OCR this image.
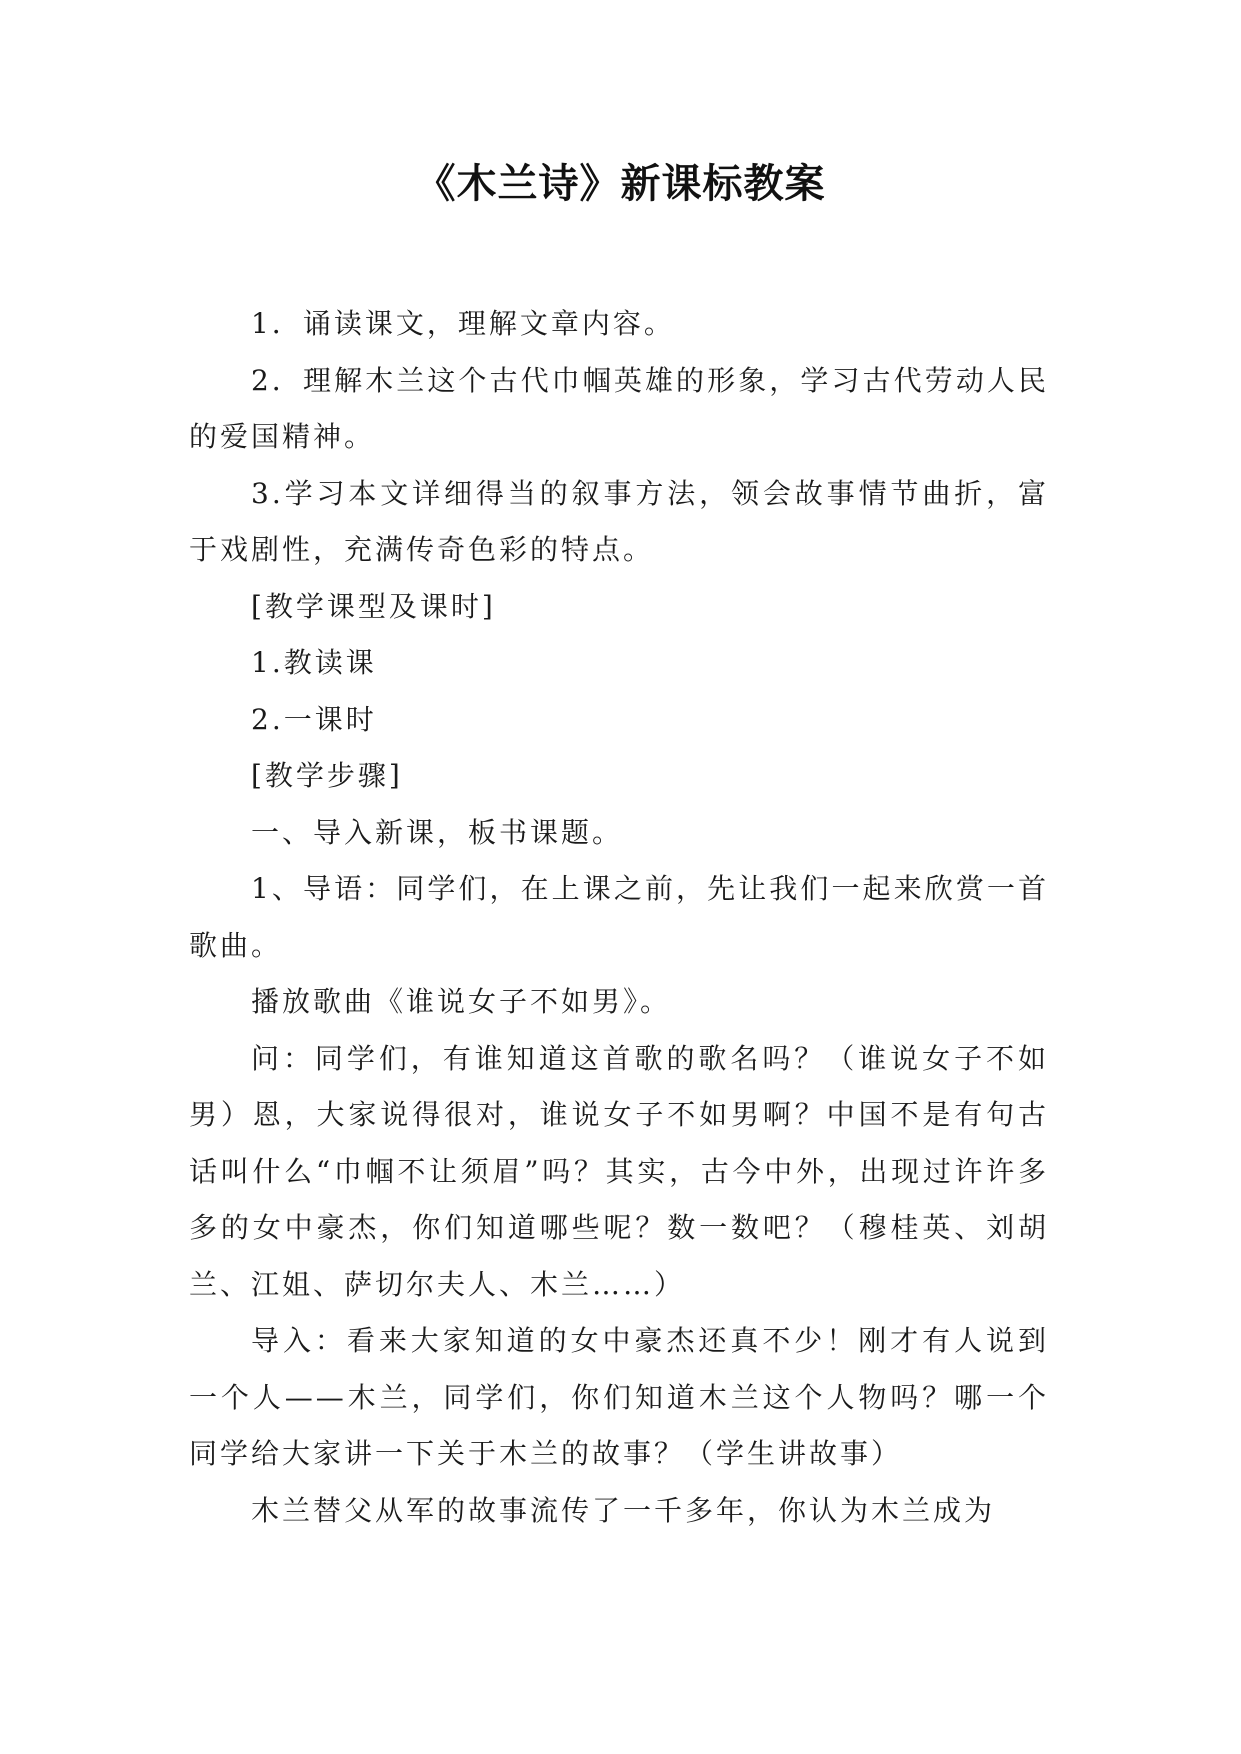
《木兰诗》新课标教案

1．诵读课文，理解文章内容。

2．理解木兰这个古代巾帼英雄的形象，学习古代劳动人民的爱国精神。

3.学习本文详细得当的叙事方法，领会故事情节曲折，富于戏剧性，充满传奇色彩的特点。

[教学课型及课时]

1.教读课

2.一课时

[教学步骤]

一、导入新课，板书课题。

1、导语：同学们，在上课之前，先让我们一起来欣赏一首歌曲。

播放歌曲《谁说女子不如男》。

问：同学们，有谁知道这首歌的歌名吗？（谁说女子不如男）恩，大家说得很对，谁说女子不如男啊？中国不是有句古话叫什么“巾帼不让须眉”吗？其实，古今中外，出现过许许多多的女中豪杰，你们知道哪些呢？数一数吧？（穆桂英、刘胡兰、江姐、萨切尔夫人、木兰……）

导入：看来大家知道的女中豪杰还真不少！刚才有人说到一个人——木兰，同学们，你们知道木兰这个人物吗？哪一个同学给大家讲一下关于木兰的故事？（学生讲故事）

木兰替父从军的故事流传了一千多年，你认为木兰成为
